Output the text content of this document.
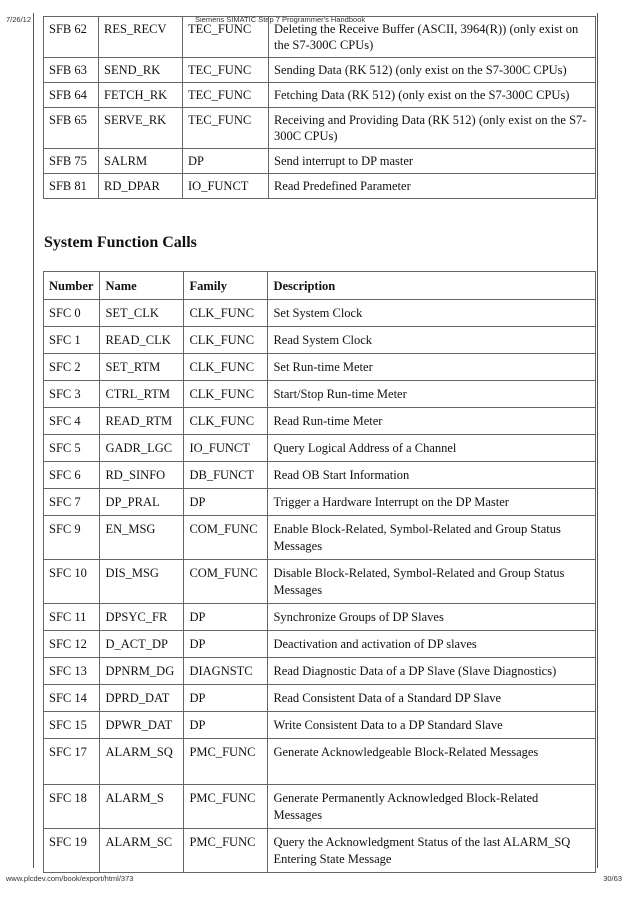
7/26/12	Siemens SIMATIC Step 7 Programmer's Handbook
SFB 62	RES_RECV	TEC_FUNC	Deleting the Receive Buffer (ASCII, 3964(R)) (only exist on the S7-300C CPUs)
SFB 63	SEND_RK	TEC_FUNC	Sending Data (RK 512) (only exist on the S7-300C CPUs)
SFB 64	FETCH_RK	TEC_FUNC	Fetching Data (RK 512) (only exist on the S7-300C CPUs)
SFB 65	SERVE_RK	TEC_FUNC	Receiving and Providing Data (RK 512) (only exist on the S7-300C CPUs)
SFB 75	SALRM	DP	Send interrupt to DP master
SFB 81	RD_DPAR	IO_FUNCT	Read Predefined Parameter
System Function Calls
Number	Name	Family	Description
SFC 0	SET_CLK	CLK_FUNC	Set System Clock
SFC 1	READ_CLK	CLK_FUNC	Read System Clock
SFC 2	SET_RTM	CLK_FUNC	Set Run-time Meter
SFC 3	CTRL_RTM	CLK_FUNC	Start/Stop Run-time Meter
SFC 4	READ_RTM	CLK_FUNC	Read Run-time Meter
SFC 5	GADR_LGC	IO_FUNCT	Query Logical Address of a Channel
SFC 6	RD_SINFO	DB_FUNCT	Read OB Start Information
SFC 7	DP_PRAL	DP	Trigger a Hardware Interrupt on the DP Master
SFC 9	EN_MSG	COM_FUNC	Enable Block-Related, Symbol-Related and Group Status Messages
SFC 10	DIS_MSG	COM_FUNC	Disable Block-Related, Symbol-Related and Group Status Messages
SFC 11	DPSYC_FR	DP	Synchronize Groups of DP Slaves
SFC 12	D_ACT_DP	DP	Deactivation and activation of DP slaves
SFC 13	DPNRM_DG	DIAGNSTC	Read Diagnostic Data of a DP Slave (Slave Diagnostics)
SFC 14	DPRD_DAT	DP	Read Consistent Data of a Standard DP Slave
SFC 15	DPWR_DAT	DP	Write Consistent Data to a DP Standard Slave
SFC 17	ALARM_SQ	PMC_FUNC	Generate Acknowledgeable Block-Related Messages
SFC 18	ALARM_S	PMC_FUNC	Generate Permanently Acknowledged Block-Related Messages
SFC 19	ALARM_SC	PMC_FUNC	Query the Acknowledgment Status of the last ALARM_SQ Entering State Message
www.plcdev.com/book/export/html/373	30/63
